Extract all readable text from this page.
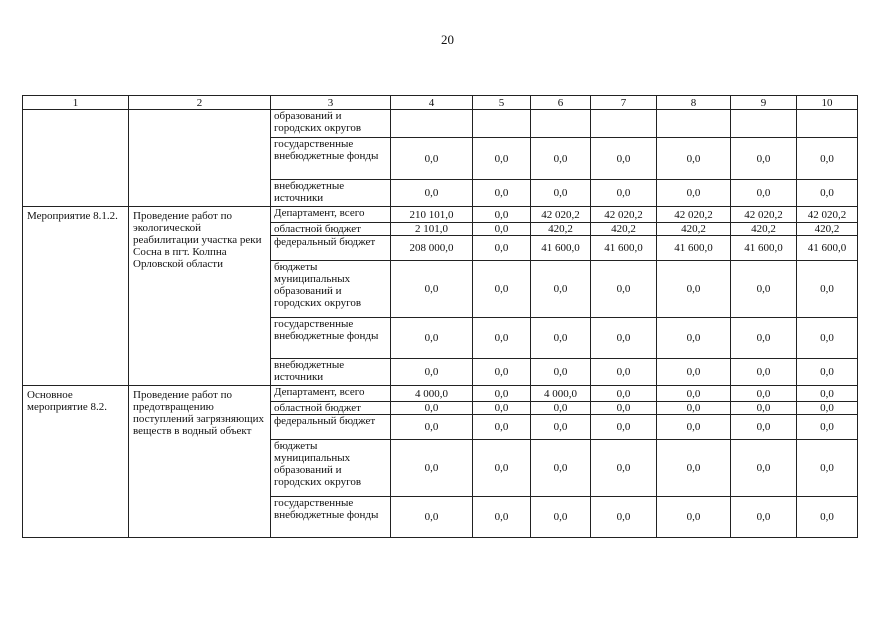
20
1	2	3	4	5	6	7	8	9	10
		образований и городских округов							
		государственные внебюджетные фонды	0,0	0,0	0,0	0,0	0,0	0,0	0,0
		внебюджетные источники	0,0	0,0	0,0	0,0	0,0	0,0	0,0
Мероприятие 8.1.2.	Проведение работ по экологической реабилитации участка реки Сосна в пгт. Колпна Орловской области	Департамент, всего	210 101,0	0,0	42 020,2	42 020,2	42 020,2	42 020,2	42 020,2
		областной бюджет	2 101,0	0,0	420,2	420,2	420,2	420,2	420,2
		федеральный бюджет	208 000,0	0,0	41 600,0	41 600,0	41 600,0	41 600,0	41 600,0
		бюджеты муниципальных образований и городских округов	0,0	0,0	0,0	0,0	0,0	0,0	0,0
		государственные внебюджетные фонды	0,0	0,0	0,0	0,0	0,0	0,0	0,0
		внебюджетные источники	0,0	0,0	0,0	0,0	0,0	0,0	0,0
Основное мероприятие 8.2.	Проведение работ по предотвращению поступлений загрязняющих веществ в водный объект	Департамент, всего	4 000,0	0,0	4 000,0	0,0	0,0	0,0	0,0
		областной бюджет	0,0	0,0	0,0	0,0	0,0	0,0	0,0
		федеральный бюджет	0,0	0,0	0,0	0,0	0,0	0,0	0,0
		бюджеты муниципальных образований и городских округов	0,0	0,0	0,0	0,0	0,0	0,0	0,0
		государственные внебюджетные фонды	0,0	0,0	0,0	0,0	0,0	0,0	0,0
